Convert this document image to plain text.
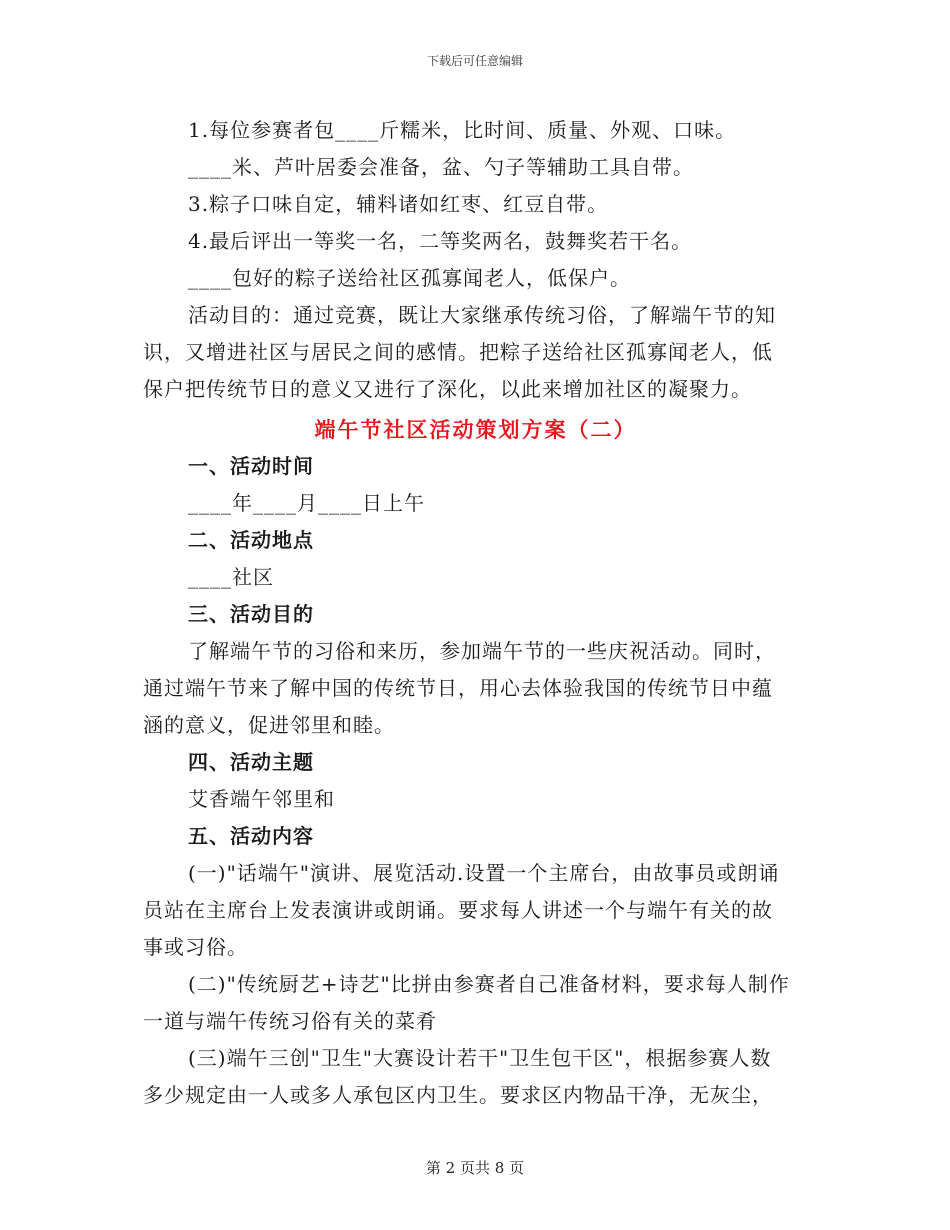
下载后可任意编辑
1.每位参赛者包____斤糯米，比时间、质量、外观、口味。
____米、芦叶居委会准备，盆、勺子等辅助工具自带。
3.粽子口味自定，辅料诸如红枣、红豆自带。
4.最后评出一等奖一名，二等奖两名，鼓舞奖若干名。
____包好的粽子送给社区孤寡闻老人，低保户。
活动目的：通过竞赛，既让大家继承传统习俗，了解端午节的知
识，又增进社区与居民之间的感情。把粽子送给社区孤寡闻老人，低
保户把传统节日的意义又进行了深化，以此来增加社区的凝聚力。
端午节社区活动策划方案（二）
一、活动时间
____年____月____日上午
二、活动地点
____社区
三、活动目的
了解端午节的习俗和来历，参加端午节的一些庆祝活动。同时，
通过端午节来了解中国的传统节日，用心去体验我国的传统节日中蕴
涵的意义，促进邻里和睦。
四、活动主题
艾香端午邻里和
五、活动内容
(一)"话端午"演讲、展览活动.设置一个主席台，由故事员或朗诵
员站在主席台上发表演讲或朗诵。要求每人讲述一个与端午有关的故
事或习俗。
(二)"传统厨艺+诗艺"比拼由参赛者自己准备材料，要求每人制作
一道与端午传统习俗有关的菜肴
(三)端午三创"卫生"大赛设计若干"卫生包干区"，根据参赛人数
多少规定由一人或多人承包区内卫生。要求区内物品干净，无灰尘，
第 2 页共 8 页
